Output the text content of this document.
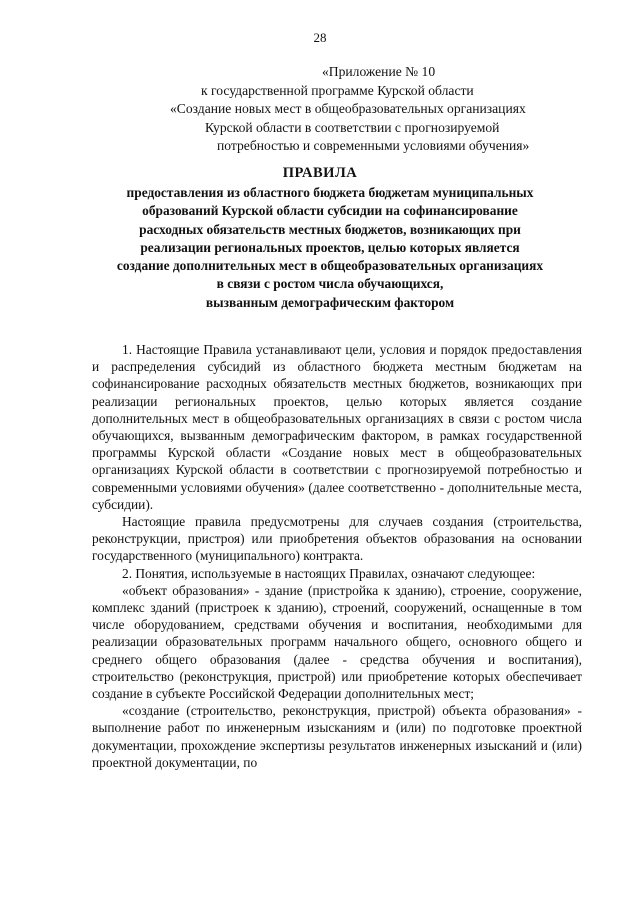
28
«Приложение № 10
к государственной программе Курской области
«Создание новых мест в общеобразовательных организациях
Курской области в соответствии с прогнозируемой
потребностью и современными условиями обучения»
ПРАВИЛА
предоставления из областного бюджета бюджетам муниципальных
образований Курской области субсидии на софинансирование
расходных обязательств местных бюджетов, возникающих при
реализации региональных проектов, целью которых является
создание дополнительных мест в общеобразовательных организациях
в связи с ростом числа обучающихся,
вызванным демографическим фактором

1. Настоящие Правила устанавливают цели, условия и порядок предоставления и распределения субсидий из областного бюджета местным бюджетам на софинансирование расходных обязательств местных бюджетов, возникающих при реализации региональных проектов, целью которых является создание дополнительных мест в общеобразовательных организациях в связи с ростом числа обучающихся, вызванным демографическим фактором, в рамках государственной программы Курской области «Создание новых мест в общеобразовательных организациях Курской области в соответствии с прогнозируемой потребностью и современными условиями обучения» (далее соответственно - дополнительные места, субсидии).

Настоящие правила предусмотрены для случаев создания (строительства, реконструкции, пристроя) или приобретения объектов образования на основании государственного (муниципального) контракта.

2. Понятия, используемые в настоящих Правилах, означают следующее:

«объект образования» - здание (пристройка к зданию), строение, сооружение, комплекс зданий (пристроек к зданию), строений, сооружений, оснащенные в том числе оборудованием, средствами обучения и воспитания, необходимыми для реализации образовательных программ начального общего, основного общего и среднего общего образования (далее - средства обучения и воспитания), строительство (реконструкция, пристрой) или приобретение которых обеспечивает создание в субъекте Российской Федерации дополнительных мест;

«создание (строительство, реконструкция, пристрой) объекта образования» - выполнение работ по инженерным изысканиям и (или) по подготовке проектной документации, прохождение экспертизы результатов инженерных изысканий и (или) проектной документации, по
